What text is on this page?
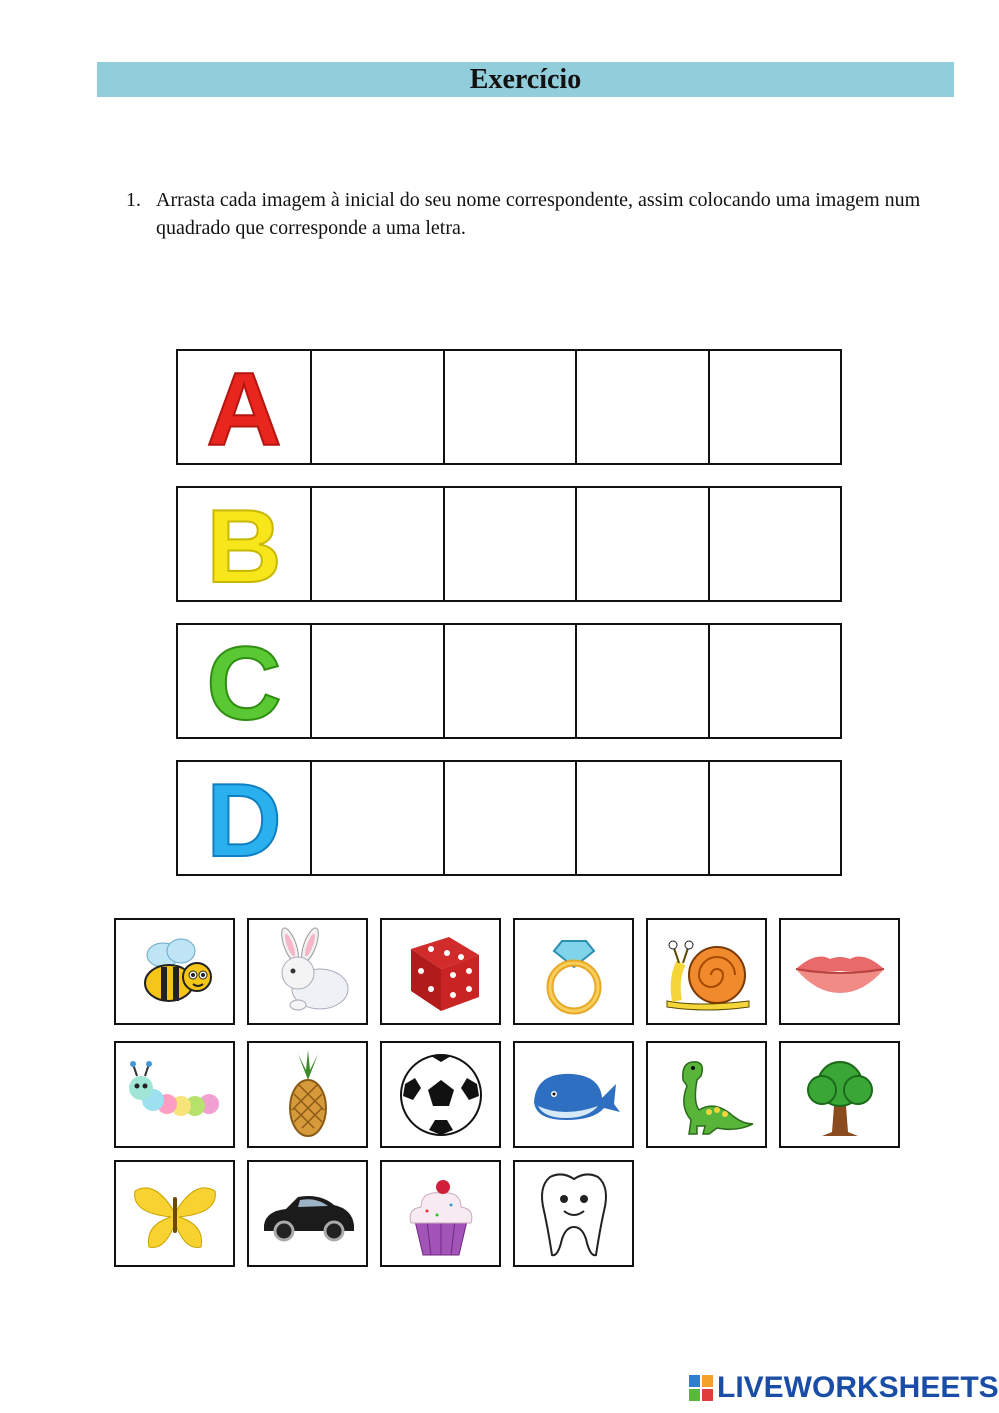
Exercício
1. Arrasta cada imagem à inicial do seu nome correspondente, assim colocando uma imagem num quadrado que corresponde a uma letra.
A
B
C
D
LIVEWORKSHEETS
